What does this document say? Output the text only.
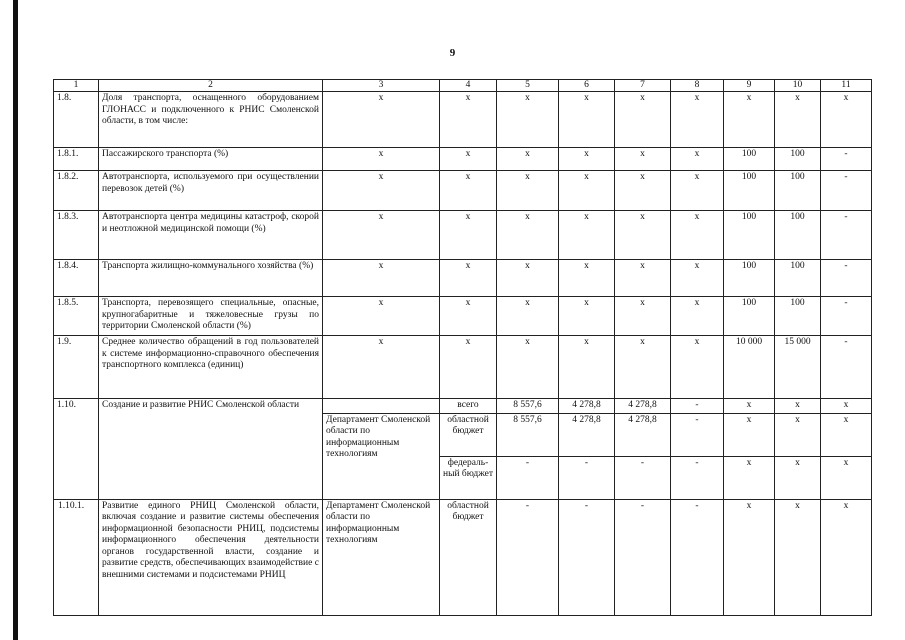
9
1	2	3	4	5	6	7	8	9	10	11
1.8.	Доля транспорта, оснащенного оборудованием ГЛОНАСС и подключенного к РНИС Смоленской области, в том числе:	х	х	х	х	х	х	х	х	х
1.8.1.	Пассажирского транспорта (%)	х	х	х	х	х	х	100	100	-
1.8.2.	Автотранспорта, используемого при осуществлении перевозок детей (%)	х	х	х	х	х	х	100	100	-
1.8.3.	Автотранспорта центра медицины катастроф, скорой и неотложной медицинской помощи (%)	х	х	х	х	х	х	100	100	-
1.8.4.	Транспорта жилищно-коммунального хозяйства (%)	х	х	х	х	х	х	100	100	-
1.8.5.	Транспорта, перевозящего специальные, опасные, крупногабаритные и тяжеловесные грузы по территории Смоленской области (%)	х	х	х	х	х	х	100	100	-
1.9.	Среднее количество обращений в год пользователей к системе информационно-справочного обеспечения транспортного комплекса (единиц)	х	х	х	х	х	х	10 000	15 000	-
1.10.	Создание и развитие РНИС Смоленской области		всего	8 557,6	4 278,8	4 278,8	-	х	х	х
		Департамент Смоленской области по информационным технологиям	областной бюджет	8 557,6	4 278,8	4 278,8	-	х	х	х
			федераль-ный бюджет	-	-	-	-	х	х	х
1.10.1.	Развитие единого РНИЦ Смоленской области, включая создание и развитие системы обеспечения информационной безопасности РНИЦ, подсистемы информационного обеспечения деятельности органов государственной власти, создание и развитие средств, обеспечивающих взаимодействие с внешними системами и подсистемами РНИЦ	Департамент Смоленской области по информационным технологиям	областной бюджет	-	-	-	-	х	х	х
